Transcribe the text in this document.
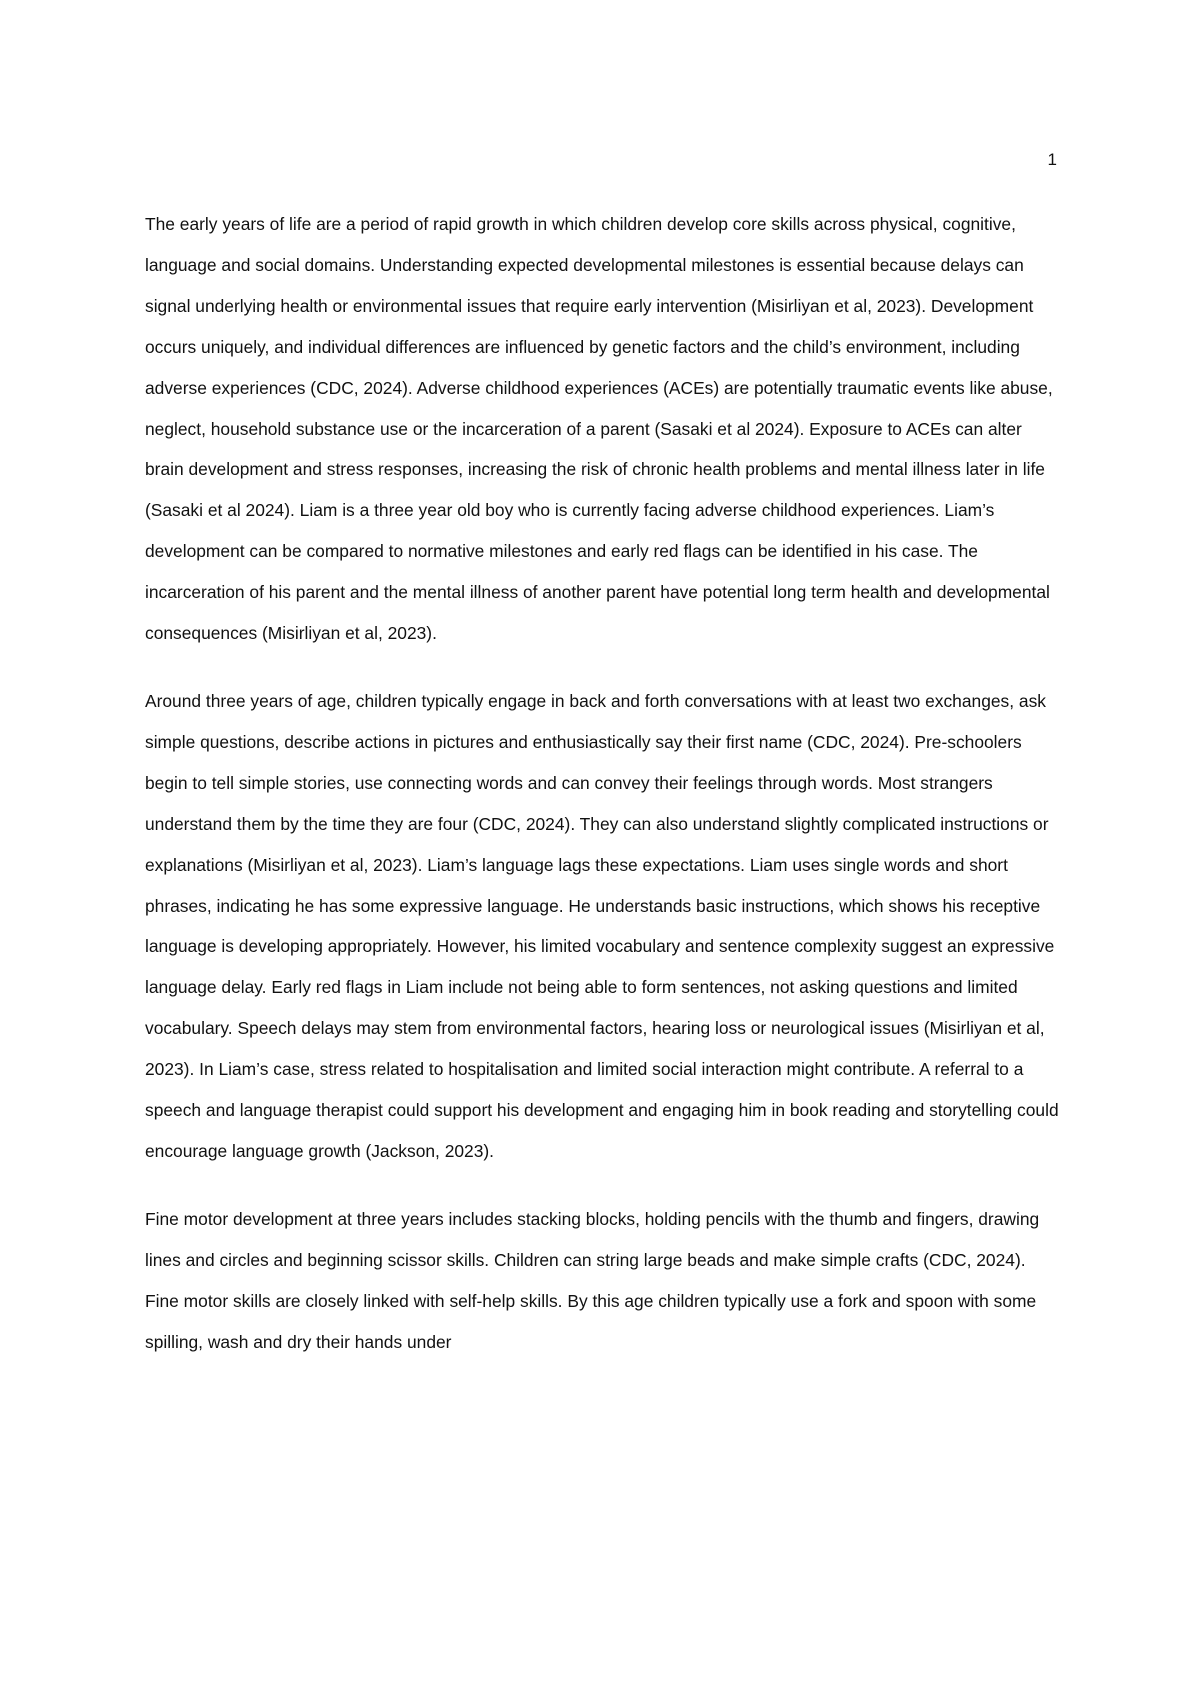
1

The early years of life are a period of rapid growth in which children develop core skills across physical, cognitive, language and social domains. Understanding expected developmental milestones is essential because delays can signal underlying health or environmental issues that require early intervention (Misirliyan et al, 2023). Development occurs uniquely, and individual differences are influenced by genetic factors and the child’s environment, including adverse experiences (CDC, 2024). Adverse childhood experiences (ACEs) are potentially traumatic events like abuse, neglect, household substance use or the incarceration of a parent (Sasaki et al 2024). Exposure to ACEs can alter brain development and stress responses, increasing the risk of chronic health problems and mental illness later in life (Sasaki et al 2024). Liam is a three year old boy who is currently facing adverse childhood experiences. Liam’s development can be compared to normative milestones and early red flags can be identified in his case. The incarceration of his parent and the mental illness of another parent have potential long term health and developmental consequences (Misirliyan et al, 2023).

Around three years of age, children typically engage in back and forth conversations with at least two exchanges, ask simple questions, describe actions in pictures and enthusiastically say their first name (CDC, 2024). Pre-schoolers begin to tell simple stories, use connecting words and can convey their feelings through words. Most strangers understand them by the time they are four (CDC, 2024). They can also understand slightly complicated instructions or explanations (Misirliyan et al, 2023). Liam’s language lags these expectations. Liam uses single words and short phrases, indicating he has some expressive language. He understands basic instructions, which shows his receptive language is developing appropriately. However, his limited vocabulary and sentence complexity suggest an expressive language delay. Early red flags in Liam include not being able to form sentences, not asking questions and limited vocabulary. Speech delays may stem from environmental factors, hearing loss or neurological issues (Misirliyan et al, 2023). In Liam’s case, stress related to hospitalisation and limited social interaction might contribute. A referral to a speech and language therapist could support his development and engaging him in book reading and storytelling could encourage language growth (Jackson, 2023).

Fine motor development at three years includes stacking blocks, holding pencils with the thumb and fingers, drawing lines and circles and beginning scissor skills. Children can string large beads and make simple crafts (CDC, 2024). Fine motor skills are closely linked with self-help skills. By this age children typically use a fork and spoon with some spilling, wash and dry their hands under
